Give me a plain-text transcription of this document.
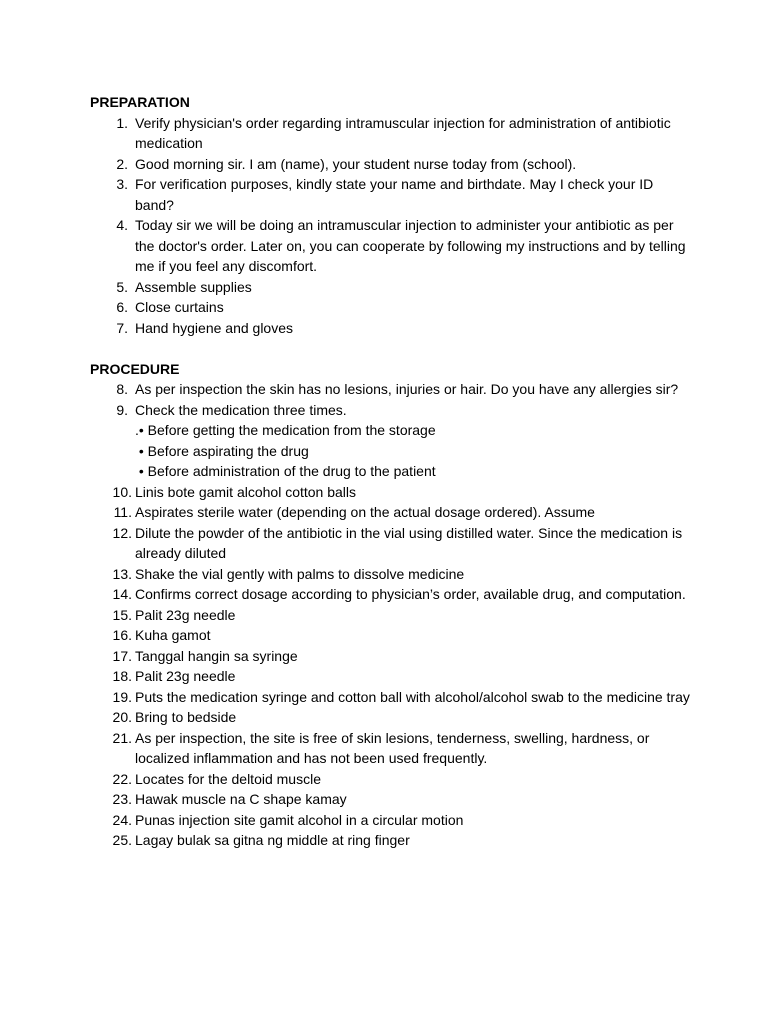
PREPARATION
1. Verify physician's order regarding intramuscular injection for administration of antibiotic medication
2. Good morning sir. I am (name), your student nurse today from (school).
3. For verification purposes, kindly state your name and birthdate. May I check your ID band?
4. Today sir we will be doing an intramuscular injection to administer your antibiotic as per the doctor's order. Later on, you can cooperate by following my instructions and by telling me if you feel any discomfort.
5. Assemble supplies
6. Close curtains
7. Hand hygiene and gloves
PROCEDURE
8. As per inspection the skin has no lesions, injuries or hair. Do you have any allergies sir?
9. Check the medication three times.
.• Before getting the medication from the storage
• Before aspirating the drug
• Before administration of the drug to the patient
10. Linis bote gamit alcohol cotton balls
11. Aspirates sterile water (depending on the actual dosage ordered). Assume
12. Dilute the powder of the antibiotic in the vial using distilled water. Since the medication is already diluted
13. Shake the vial gently with palms to dissolve medicine
14. Confirms correct dosage according to physician’s order, available drug, and computation.
15. Palit 23g needle
16. Kuha gamot
17. Tanggal hangin sa syringe
18. Palit 23g needle
19. Puts the medication syringe and cotton ball with alcohol/alcohol swab to the medicine tray
20. Bring to bedside
21. As per inspection, the site is free of skin lesions, tenderness, swelling, hardness, or localized inflammation and has not been used frequently.
22. Locates for the deltoid muscle
23. Hawak muscle na C shape kamay
24. Punas injection site gamit alcohol in a circular motion
25. Lagay bulak sa gitna ng middle at ring finger
